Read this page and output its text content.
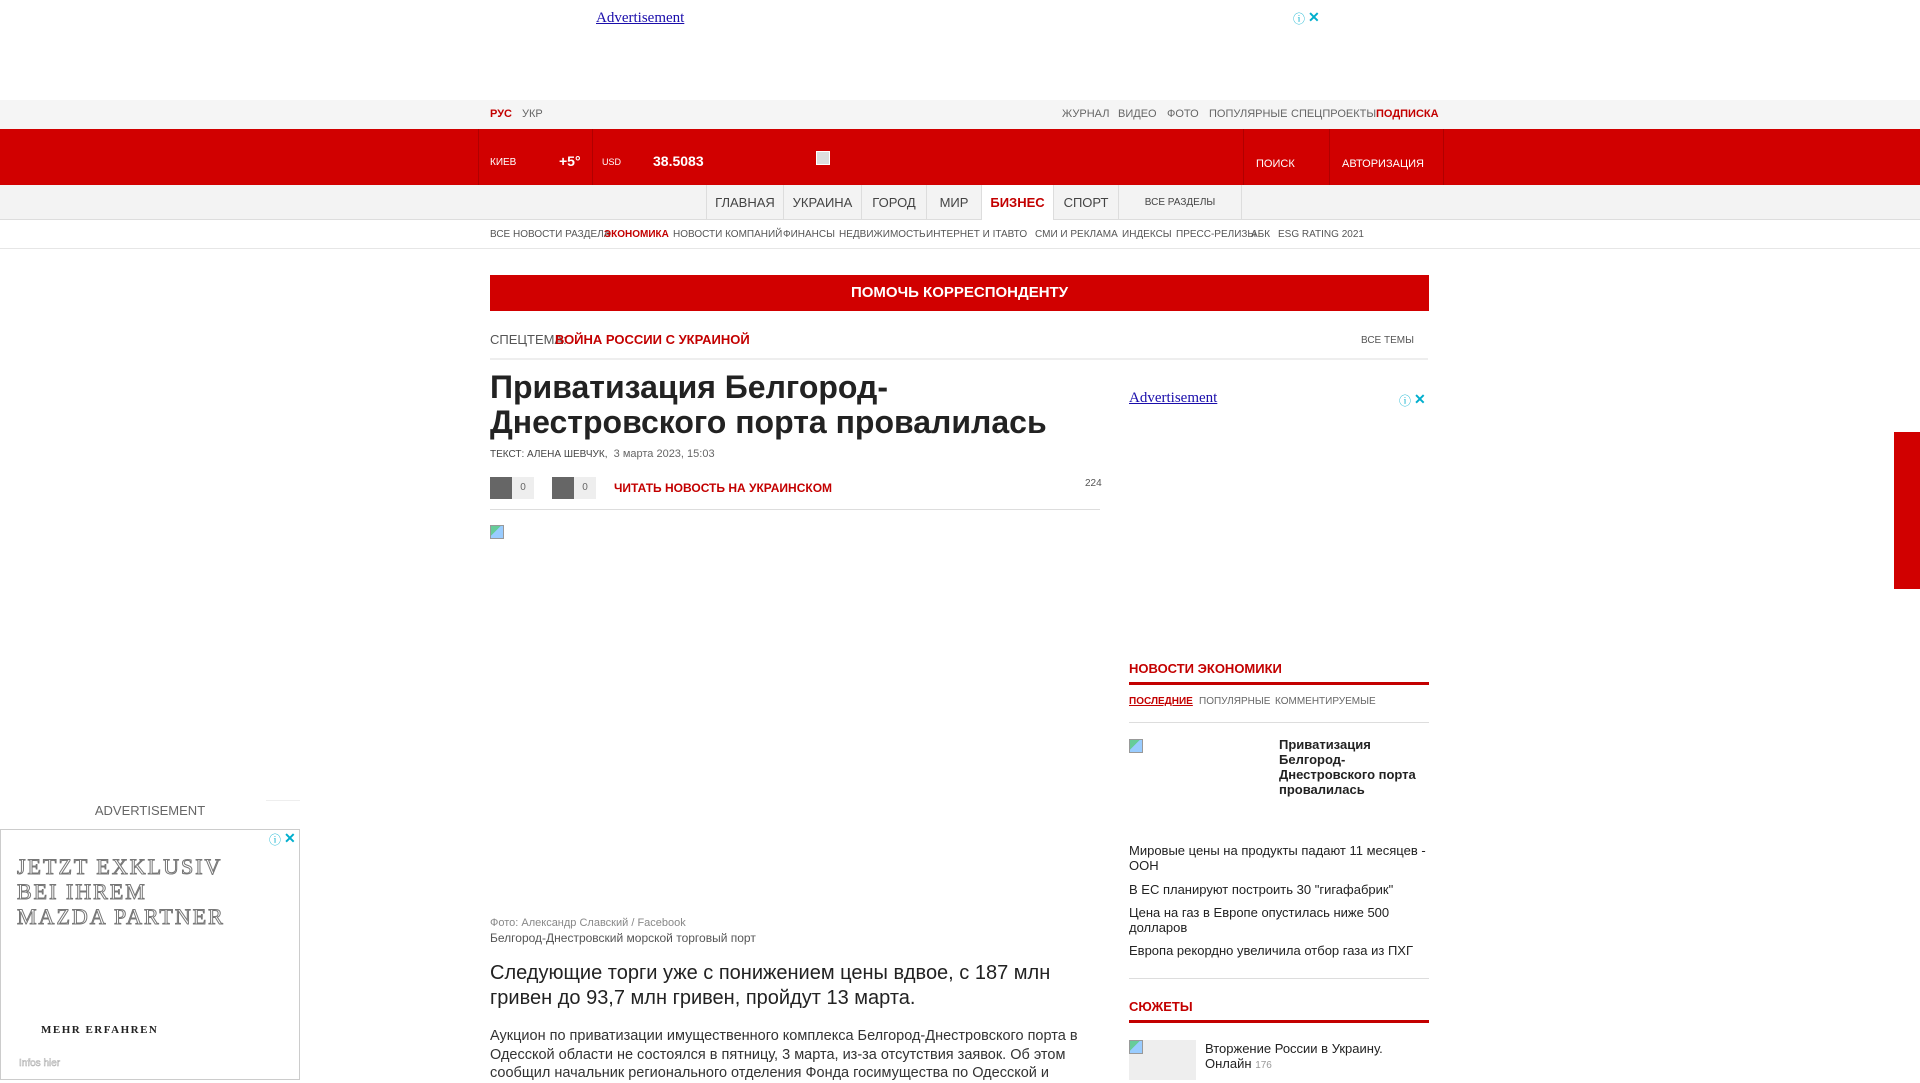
Advertisement	ⓘ ✕
РУС УКР	ЖУРНАЛ ВИДЕО ФОТО ПОПУЛЯРНЫЕ СПЕЦПРОЕКТЫ ПОДПИСКА
КИЕВ	+5° USD 38.5083	ПОИСК	АВТОРИЗАЦИЯ
ГЛАВНАЯ	УКРАИНА	ГОРОД	МИР	БИЗНЕС	СПОРТ	ВСЕ РАЗДЕЛЫ
ВСЕ НОВОСТИ РАЗДЕЛА
ЭКОНОМИКА НОВОСТИ КОМПАНИЙ ФИНАНСЫ НЕДВИЖИМОСТЬ ИНТЕРНЕТ И IT АВТО СМИ И РЕКЛАМА ИНДЕКСЫ ПРЕСС-РЕЛИЗЫ
АБК ESG RATING 2021
ПОМОЧЬ КОРРЕСПОНДЕНТУ
СПЕЦТЕМА:
ВОЙНА РОССИИ С УКРАИНОЙ	ВСЕ ТЕМЫ
Приватизация Белгород-Днестровского порта провалилась
ТЕКСТ: АЛЕНА ШЕВЧУК, 3 марта 2023, 15:03
0	0	ЧИТАТЬ НОВОСТЬ НА УКРАИНСКОМ	224
Фото: Александр Славский / Facebook
Белгород-Днестровский морской торговый порт
Следующие торги уже с понижением цены вдвое, с 187 млн гривен до 93,7 млн гривен, пройдут 13 марта.
Аукцион по приватизации имущественного комплекса Белгород-Днестровского порта в Одесской области не состоялся в пятницу, 3 марта, из-за отсутствия заявок. Об этом сообщил начальник регионального отделения Фонда госимущества по Одесской и
Advertisement	ⓘ ✕
НОВОСТИ ЭКОНОМИКИ
ПОСЛЕДНИЕ ПОПУЛЯРНЫЕ КОММЕНТИРУЕМЫЕ
Приватизация Белгород-Днестровского порта провалилась
Мировые цены на продукты падают 11 месяцев - ООН
В ЕС планируют построить 30 "гигафабрик"
Цена на газ в Европе опустилась ниже 500 долларов
Европа рекордно увеличила отбор газа из ПХГ
СЮЖЕТЫ
Вторжение России в Украину. Онлайн 176
ADVERTISEMENT
JETZT EXKLUSIV
BEI IHREM
MAZDA PARTNER
MEHR ERFAHREN
Infos hier
ⓘ ✕
